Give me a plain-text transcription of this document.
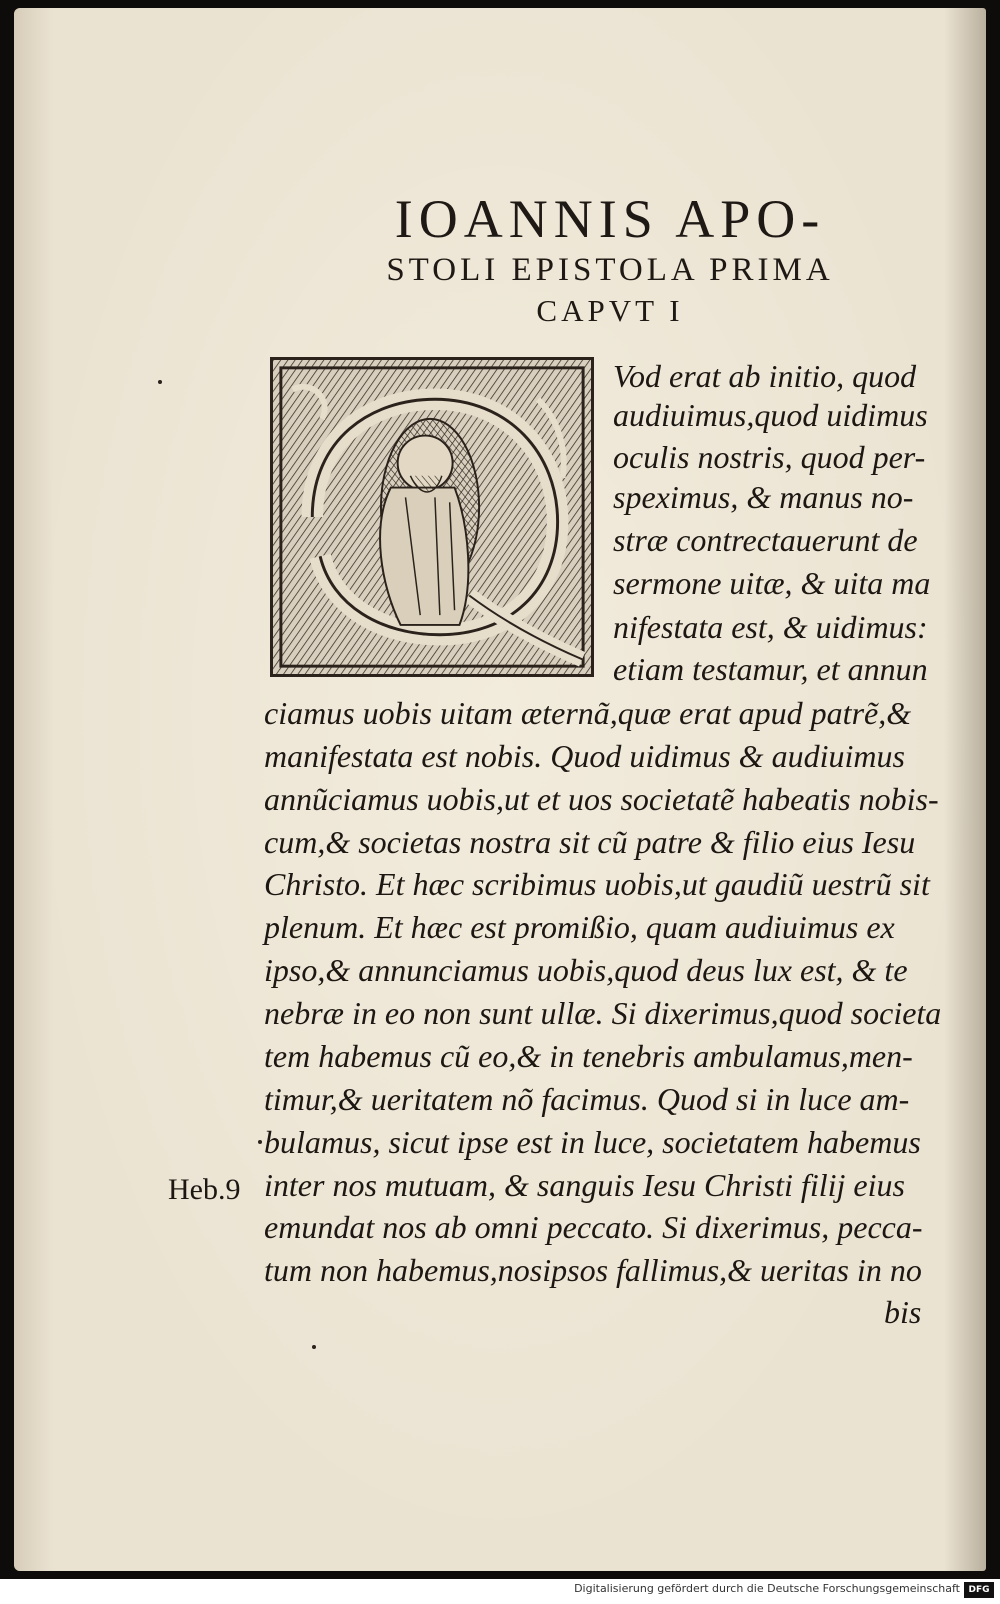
IOANNIS APO-
STOLI EPISTOLA PRIMA
CAPVT I

Vod erat ab initio, quod

audiuimus,quod uidimus

oculis nostris, quod per-

speximus, & manus no-

stræ contrectauerunt de

sermone uitæ, & uita ma

nifestata est, & uidimus:

etiam testamur, et annun

ciamus uobis uitam æternã,quæ erat apud patrẽ,&

manifestata est nobis. Quod uidimus & audiuimus

annũciamus uobis,ut et uos societatẽ habeatis nobis-

cum,& societas nostra sit cũ patre & filio eius Iesu

Christo. Et hæc scribimus uobis,ut gaudiũ uestrũ sit

plenum. Et hæc est promißio, quam audiuimus ex

ipso,& annunciamus uobis,quod deus lux est, & te

nebræ in eo non sunt ullæ. Si dixerimus,quod societa

tem habemus cũ eo,& in tenebris ambulamus,men-

timur,& ueritatem nõ facimus. Quod si in luce am-

bulamus, sicut ipse est in luce, societatem habemus

inter nos mutuam, & sanguis Iesu Christi filij eius

emundat nos ab omni peccato. Si dixerimus, pecca-

tum non habemus,nosipsos fallimus,& ueritas in no

bis

Heb.9

Digitalisierung gefördert durch die Deutsche Forschungsgemeinschaft DFG
